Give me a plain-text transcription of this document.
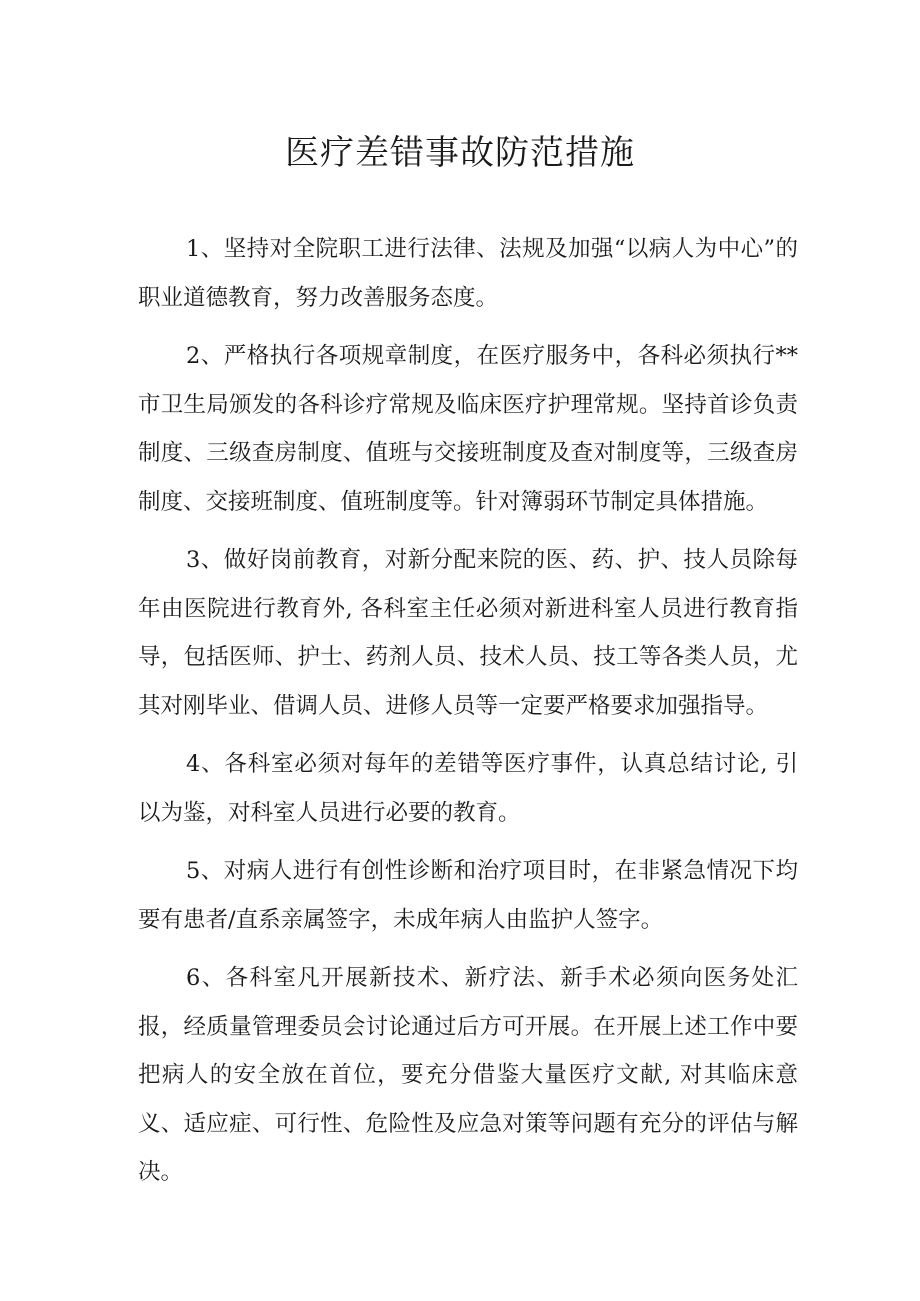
医疗差错事故防范措施

1、坚持对全院职工进行法律、法规及加强“以病人为中心”的职业道德教育，努力改善服务态度。

2、严格执行各项规章制度，在医疗服务中，各科必须执行**市卫生局颁发的各科诊疗常规及临床医疗护理常规。坚持首诊负责制度、三级查房制度、值班与交接班制度及查对制度等，三级查房制度、交接班制度、值班制度等。针对簿弱环节制定具体措施。

3、做好岗前教育，对新分配来院的医、药、护、技人员除每年由医院进行教育外, 各科室主任必须对新进科室人员进行教育指导，包括医师、护士、药剂人员、技术人员、技工等各类人员，尤其对刚毕业、借调人员、进修人员等一定要严格要求加强指导。

4、各科室必须对每年的差错等医疗事件，认真总结讨论, 引以为鉴，对科室人员进行必要的教育。

5、对病人进行有创性诊断和治疗项目时，在非紧急情况下均要有患者/直系亲属签字，未成年病人由监护人签字。

6、各科室凡开展新技术、新疗法、新手术必须向医务处汇报，经质量管理委员会讨论通过后方可开展。在开展上述工作中要把病人的安全放在首位，要充分借鉴大量医疗文献, 对其临床意义、适应症、可行性、危险性及应急对策等问题有充分的评估与解决。
